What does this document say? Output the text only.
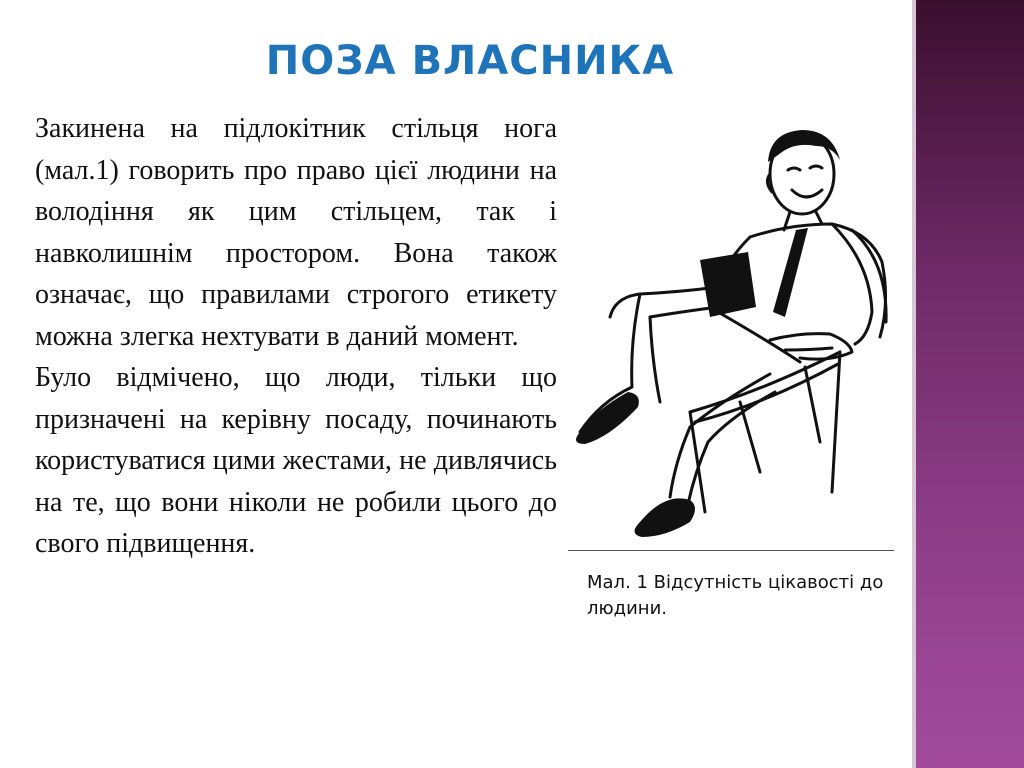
ПОЗА ВЛАСНИКА

Закинена на підлокітник стільця нога (мал.1) говорить про право цієї людини на володіння як цим стільцем, так і навколишнім простором. Вона також означає, що правилами строгого етикету можна злегка нехтувати в даний момент.

Було відмічено, що люди, тільки що призначені на керівну посаду, починають користуватися цими жестами, не дивлячись на те, що вони ніколи не робили цього до свого підвищення.

Мал. 1 Відсутність цікавості до людини.
